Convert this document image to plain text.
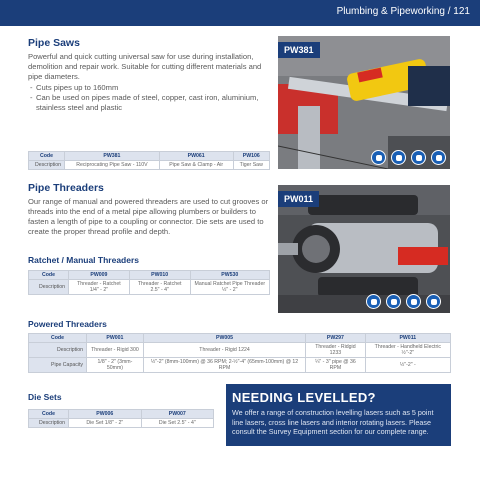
Plumbing & Pipeworking / 121
Pipe Saws

Powerful and quick cutting universal saw for use during installation, demolition and repair work. Suitable for cutting different materials and pipe diameters.

- Cuts pipes up to 160mm
- Can be used on pipes made of steel, copper, cast iron, aluminium, stainless steel and plastic
PW381
Code	PW381	PW061	PW106
Description	Reciprocating Pipe Saw - 110V	Pipe Saw & Clamp - Air	Tiger Saw
Pipe Threaders

Our range of manual and powered threaders are used to cut grooves or threads into the end of a metal pipe allowing plumbers or builders to fasten a length of pipe to a coupling or connector. Die sets are used to create the proper thread profile and depth.

PW011
Ratchet / Manual Threaders
Code	PW009	PW010	PW530
Description	Threader - Ratchet 1/4" - 2"	Threader - Ratchet 2.5" - 4"	Manual Ratchet Pipe Threader ½" - 2"
Powered Threaders
Code	PW001	PW005	PW297	PW011
Description	Threader - Rigid 300	Threader - Rigid 1224	Threader - Ridgid 1233	Threader - Handheld Electric ½"-2"
Pipe Capacity	1/8" - 2" (3mm-50mm)	½"-2" (8mm-100mm) @ 36 RPM; 2-½"-4" (65mm-100mm) @ 12 RPM	¼" - 3" pipe @ 36 RPM	½"-2" -
Die Sets
Code	PW006	PW007
Description	Die Set 1/8" - 2"	Die Set 2.5" - 4"
NEEDING LEVELLED?
We offer a range of construction levelling lasers such as 5 point line lasers, cross line lasers and interior rotating lasers. Please consult the Survey Equipment section for our complete range.
